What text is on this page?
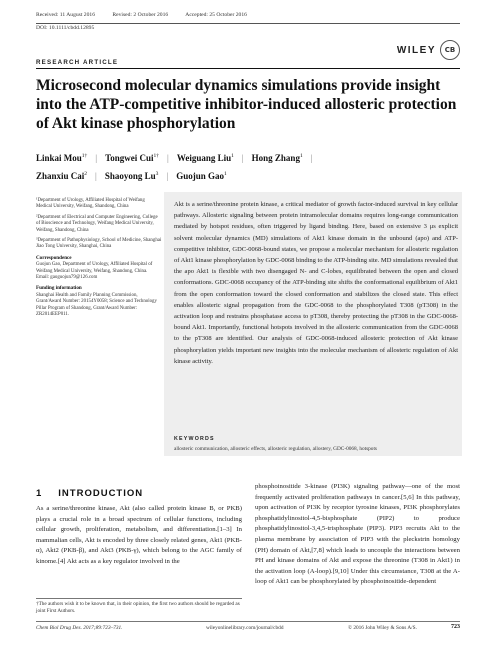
Received: 11 August 2016	Revised: 2 October 2016	Accepted: 25 October 2016
DOI: 10.1111/cbdd.12895
WILEY	CB
RESEARCH ARTICLE
Microsecond molecular dynamics simulations provide insight into the ATP-competitive inhibitor-induced allosteric protection of Akt kinase phosphorylation
Linkai Mou$^{1\dagger}$ | Tongwei Cui$^{1\dagger}$ | Weiguang Liu$^1$ | Hong Zhang$^1$ |
Zhanxiu Cai$^2$ | Shaoyong Lu$^3$ | Guojun Gao$^1$

¹Department of Urology, Affiliated Hospital of Weifang Medical University, Weifang, Shandong, China

²Department of Electrical and Computer Engineering, College of Bioscience and Technology, Weifang Medical University, Weifang, Shandong, China

³Department of Pathophysiology, School of Medicine, Shanghai Jiao Tong University, Shanghai, China

Correspondence

Guojun Gao, Department of Urology, Affiliated Hospital of Weifang Medical University, Weifang, Shandong, China.

Email: gaoguojun79@126.com

Funding information

Shanghai Health and Family Planning Commission, Grant/Award Number: 20154Y0058; Science and Technology Pillar Program of Shandong, Grant/Award Number: ZR2014EEP011.

Akt is a serine/threonine protein kinase, a critical mediator of growth factor-induced survival in key cellular pathways. Allosteric signaling between protein intramolecular domains requires long-range communication mediated by hotspot residues, often triggered by ligand binding. Here, based on extensive 3 μs explicit solvent molecular dynamics (MD) simulations of Akt1 kinase domain in the unbound (apo) and ATP-competitive inhibitor, GDC-0068-bound states, we propose a molecular mechanism for allosteric regulation of Akt1 kinase phosphorylation by GDC-0068 binding to the ATP-binding site. MD simulations revealed that the apo Akt1 is flexible with two disengaged N- and C-lobes, equilibrated between the open and closed conformations. GDC-0068 occupancy of the ATP-binding site shifts the conformational equilibrium of Akt1 from the open conformation toward the closed conformation and stabilizes the closed state. This effect enables allosteric signal propagation from the GDC-0068 to the phosphorylated T308 (pT308) in the activation loop and restrains phosphatase access to pT308, thereby protecting the pT308 in the GDC-0068-bound Akt1. Importantly, functional hotspots involved in the allosteric communication from the GDC-0068 to the pT308 are identified. Our analysis of GDC-0068-induced allosteric protection of Akt kinase phosphorylation yields important new insights into the molecular mechanism of allosteric regulation of Akt kinase activity.
KEYWORDS
allosteric communication, allosteric effects, allosteric regulation, allostery, GDC-0068, hotspots
1 INTRODUCTION
As a serine/threonine kinase, Akt (also called protein kinase B, or PKB) plays a crucial role in a broad spectrum of cellular functions, including cellular growth, proliferation, metabolism, and differentiation.[1–3] In mammalian cells, Akt is encoded by three closely related genes, Akt1 (PKB-α), Akt2 (PKB-β), and Akt3 (PKB-γ), which belong to the AGC family of kinome.[4] Akt acts as a key regulator involved in the
phosphoinositide 3-kinase (PI3K) signaling pathway—one of the most frequently activated proliferation pathways in cancer.[5,6] In this pathway, upon activation of PI3K by receptor tyrosine kinases, PI3K phosphorylates phosphatidylinositol-4,5-bisphosphate (PIP2) to produce phosphatidylinositol-3,4,5-trisphosphate (PIP3). PIP3 recruits Akt to the plasma membrane by association of PIP3 with the pleckstrin homology (PH) domain of Akt,[7,8] which leads to uncouple the interactions between PH and kinase domains of Akt and expose the threonine (T308 in Akt1) in the activation loop (A-loop).[9,10] Under this circumstance, T308 at the A-loop of Akt1 can be phosphorylated by phosphoinositide-dependent
†The authors wish it to be known that, in their opinion, the first two authors should be regarded as joint First Authors.
Chem Biol Drug Des. 2017;89:723–731.	wileyonlinelibrary.com/journal/cbdd	© 2016 John Wiley & Sons A/S.	723
